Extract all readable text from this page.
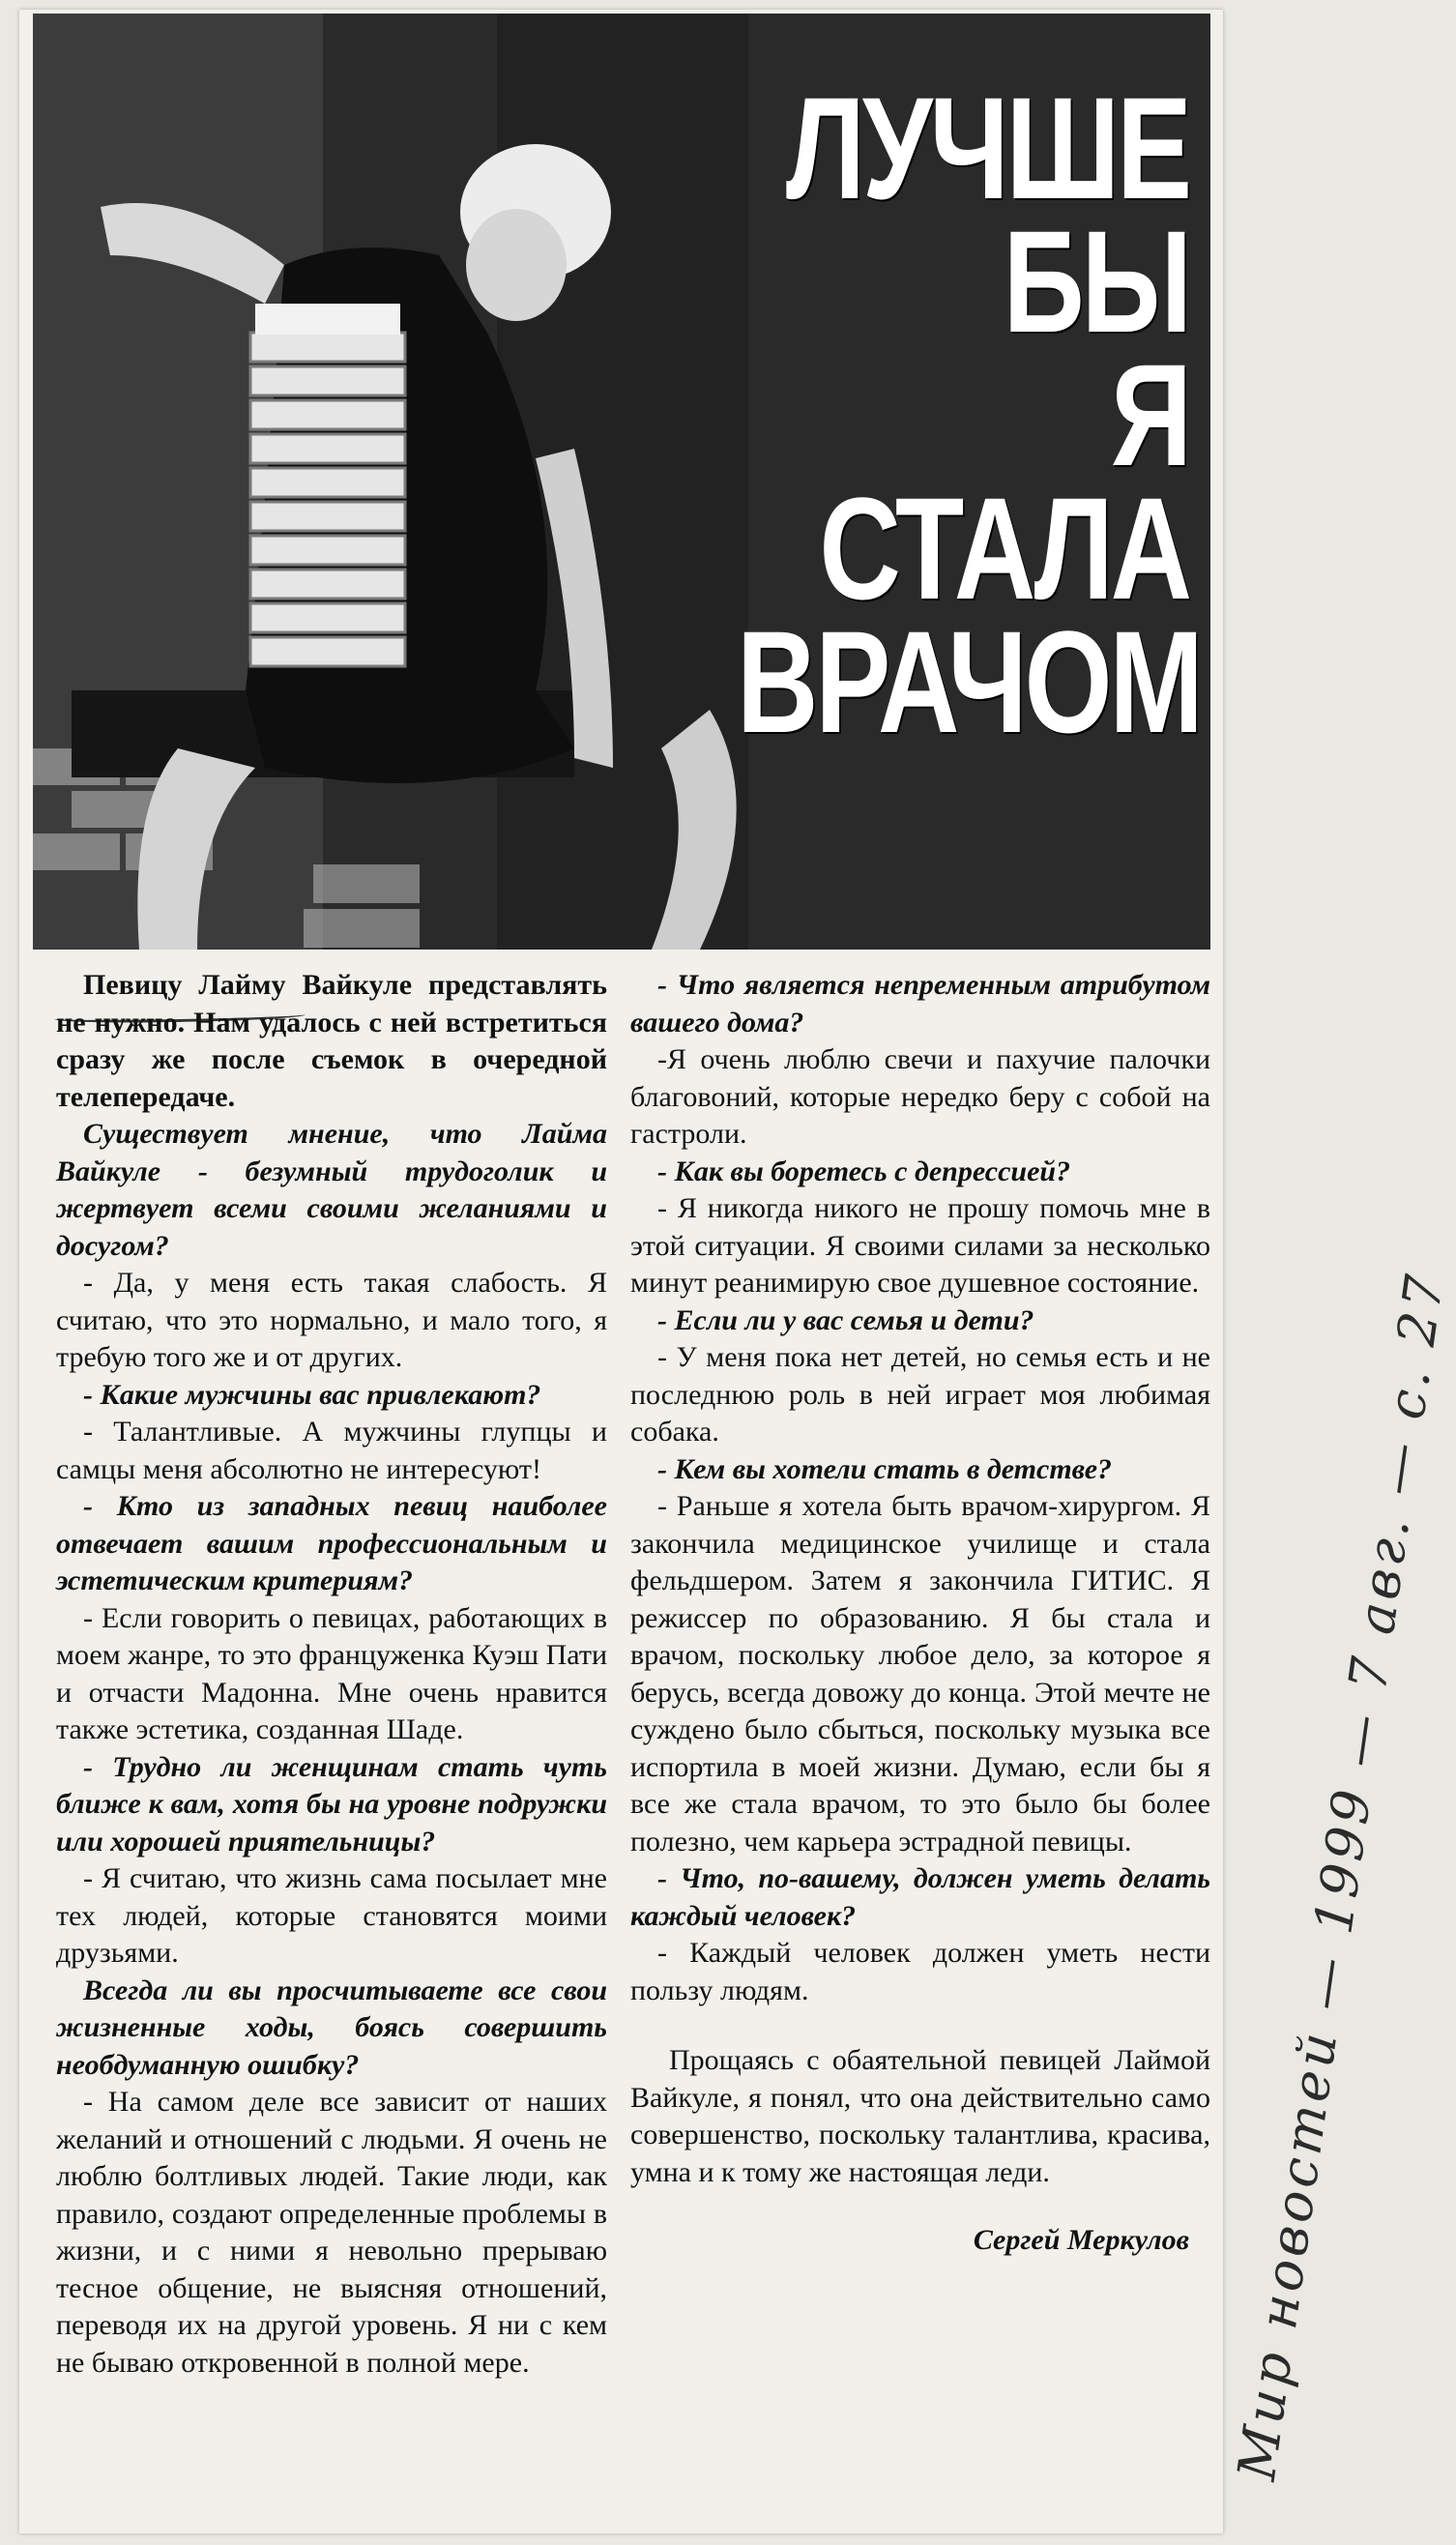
ЛУЧШЕ БЫ
Я СТАЛА
ВРАЧОМ

Певицу Лайму Вайкуле представлять не нужно. Нам удалось с ней встретиться сразу же после съемок в очередной телепередаче.

Существует мнение, что Лайма Вайкуле - безумный трудоголик и жертвует всеми своими желаниями и досугом?

- Да, у меня есть такая слабость. Я считаю, что это нормально, и мало того, я требую того же и от других.

- Какие мужчины вас привлекают?

- Талантливые. А мужчины глупцы и самцы меня абсолютно не интересуют!

- Кто из западных певиц наиболее отвечает вашим профессиональным и эстетическим критериям?

- Если говорить о певицах, работающих в моем жанре, то это француженка Куэш Пати и отчасти Мадонна. Мне очень нравится также эстетика, созданная Шаде.

- Трудно ли женщинам стать чуть ближе к вам, хотя бы на уровне подружки или хорошей приятельницы?

- Я считаю, что жизнь сама посылает мне тех людей, которые становятся моими друзьями.

Всегда ли вы просчитываете все свои жизненные ходы, боясь совершить необдуманную ошибку?

- На самом деле все зависит от наших желаний и отношений с людьми. Я очень не люблю болтливых людей. Такие люди, как правило, создают определенные проблемы в жизни, и с ними я невольно прерываю тесное общение, не выясняя отношений, переводя их на другой уровень. Я ни с кем не бываю откровенной в полной мере.

- Что является непременным атрибутом вашего дома?

-Я очень люблю свечи и пахучие палочки благовоний, которые нередко беру с собой на гастроли.

- Как вы боретесь с депрессией?

- Я никогда никого не прошу помочь мне в этой ситуации. Я своими силами за несколько минут реанимирую свое душевное состояние.

- Если ли у вас семья и дети?

- У меня пока нет детей, но семья есть и не последнюю роль в ней играет моя любимая собака.

- Кем вы хотели стать в детстве?

- Раньше я хотела быть врачом-хирургом. Я закончила медицинское училище и стала фельдшером. Затем я закончила ГИТИС. Я режиссер по образованию. Я бы стала и врачом, поскольку любое дело, за которое я берусь, всегда довожу до конца. Этой мечте не суждено было сбыться, поскольку музыка все испортила в моей жизни. Думаю, если бы я все же стала врачом, то это было бы более полезно, чем карьера эстрадной певицы.

- Что, по-вашему, должен уметь делать каждый человек?

- Каждый человек должен уметь нести пользу людям.

Прощаясь с обаятельной певицей Лаймой Вайкуле, я понял, что она действительно само совершенство, поскольку талантлива, красива, умна и к тому же настоящая леди.

Сергей Меркулов Мир новостей — 1999 — 7 авг. — с. 27
